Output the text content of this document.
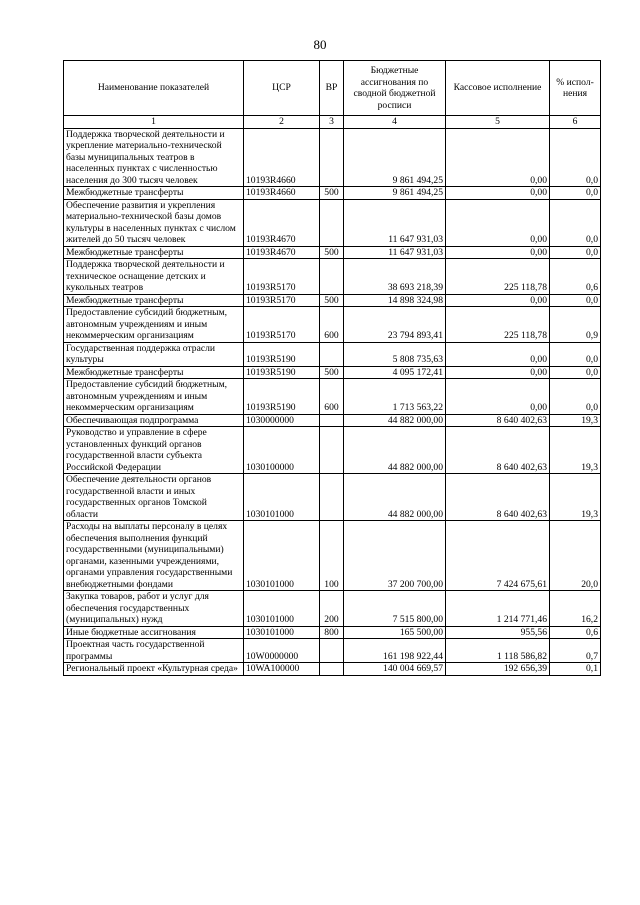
80
Наименование показателей	ЦСР	ВР	Бюджетные ассигнования по сводной бюджетной росписи	Кассовое исполнение	% испол-нения
1	2	3	4	5	6
Поддержка творческой деятельности и укрепление материально-технической базы муниципальных театров в населенных пунктах с численностью населения до 300 тысяч человек	10193R4660		9 861 494,25	0,00	0,0
Межбюджетные трансферты	10193R4660	500	9 861 494,25	0,00	0,0
Обеспечение развития и укрепления материально-технической базы домов культуры в населенных пунктах с числом жителей до 50 тысяч человек	10193R4670		11 647 931,03	0,00	0,0
Межбюджетные трансферты	10193R4670	500	11 647 931,03	0,00	0,0
Поддержка творческой деятельности и техническое оснащение детских и кукольных театров	10193R5170		38 693 218,39	225 118,78	0,6
Межбюджетные трансферты	10193R5170	500	14 898 324,98	0,00	0,0
Предоставление субсидий бюджетным, автономным учреждениям и иным некоммерческим организациям	10193R5170	600	23 794 893,41	225 118,78	0,9
Государственная поддержка отрасли культуры	10193R5190		5 808 735,63	0,00	0,0
Межбюджетные трансферты	10193R5190	500	4 095 172,41	0,00	0,0
Предоставление субсидий бюджетным, автономным учреждениям и иным некоммерческим организациям	10193R5190	600	1 713 563,22	0,00	0,0
Обеспечивающая подпрограмма	1030000000		44 882 000,00	8 640 402,63	19,3
Руководство и управление в сфере установленных функций органов государственной власти субъекта Российской Федерации	1030100000		44 882 000,00	8 640 402,63	19,3
Обеспечение деятельности органов государственной власти и иных государственных органов Томской области	1030101000		44 882 000,00	8 640 402,63	19,3
Расходы на выплаты персоналу в целях обеспечения выполнения функций государственными (муниципальными) органами, казенными учреждениями, органами управления государственными внебюджетными фондами	1030101000	100	37 200 700,00	7 424 675,61	20,0
Закупка товаров, работ и услуг для обеспечения государственных (муниципальных) нужд	1030101000	200	7 515 800,00	1 214 771,46	16,2
Иные бюджетные ассигнования	1030101000	800	165 500,00	955,56	0,6
Проектная часть государственной программы	10W0000000		161 198 922,44	1 118 586,82	0,7
Региональный проект «Культурная среда»	10WA100000		140 004 669,57	192 656,39	0,1
